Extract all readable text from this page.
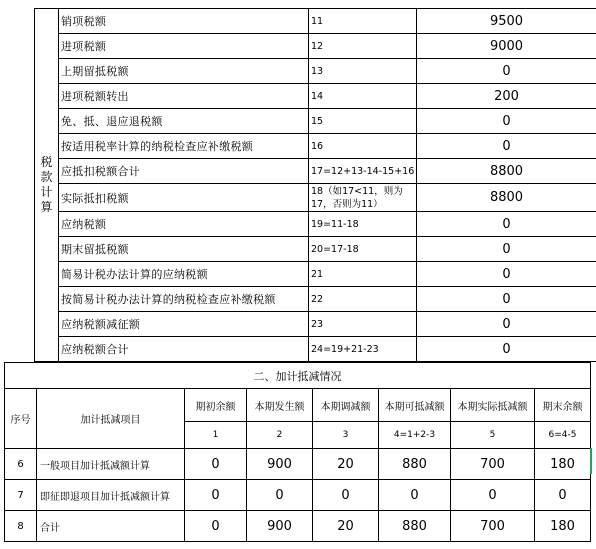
税
款
计
算	销项税额	11	9500
	进项税额	12	9000
	上期留抵税额	13	0
	进项税额转出	14	200
	免、抵、退应退税额	15	0
	按适用税率计算的纳税检查应补缴税额	16	0
	应抵扣税额合计	17=12+13-14-15+16	8800
	实际抵扣税额	18（如17<11，则为17，否则为11）	8800
	应纳税额	19=11-18	0
	期末留抵税额	20=17-18	0
	简易计税办法计算的应纳税额	21	0
	按简易计税办法计算的纳税检查应补缴税额	22	0
	应纳税额减征额	23	0
	应纳税额合计	24=19+21-23	0
二、加计抵减情况							
序号	加计抵减项目	期初余额	本期发生额	本期调减额	本期可抵减额	本期实际抵减额	期末余额
		1	2	3	4=1+2-3	5	6=4-5
6	一般项目加计抵减额计算	0	900	20	880	700	180
7	即征即退项目加计抵减额计算	0	0	0	0	0	0
8	合计	0	900	20	880	700	180
